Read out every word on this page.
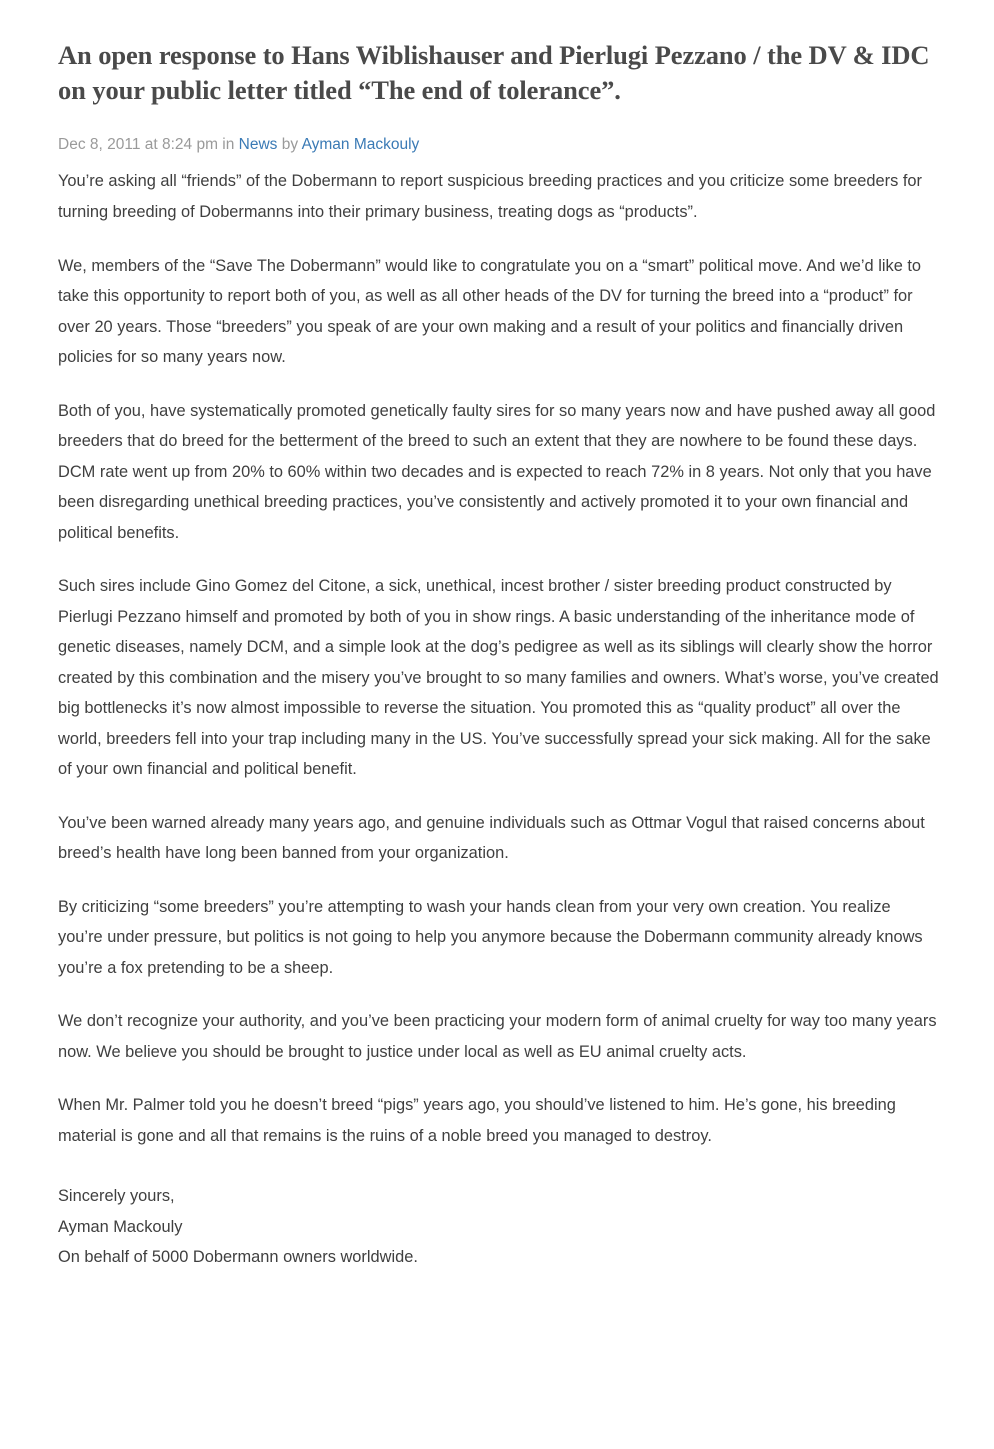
An open response to Hans Wiblishauser and Pierlugi Pezzano / the DV & IDC on your public letter titled “The end of tolerance”.
Dec 8, 2011 at 8:24 pm in News by Ayman Mackouly

You’re asking all “friends” of the Dobermann to report suspicious breeding practices and you criticize some breeders for turning breeding of Dobermanns into their primary business, treating dogs as “products”.

We, members of the “Save The Dobermann” would like to congratulate you on a “smart” political move. And we’d like to take this opportunity to report both of you, as well as all other heads of the DV for turning the breed into a “product” for over 20 years. Those “breeders” you speak of are your own making and a result of your politics and financially driven policies for so many years now.

Both of you, have systematically promoted genetically faulty sires for so many years now and have pushed away all good breeders that do breed for the betterment of the breed to such an extent that they are nowhere to be found these days. DCM rate went up from 20% to 60% within two decades and is expected to reach 72% in 8 years. Not only that you have been disregarding unethical breeding practices, you’ve consistently and actively promoted it to your own financial and political benefits.

Such sires include Gino Gomez del Citone, a sick, unethical, incest brother / sister breeding product constructed by Pierlugi Pezzano himself and promoted by both of you in show rings. A basic understanding of the inheritance mode of genetic diseases, namely DCM, and a simple look at the dog’s pedigree as well as its siblings will clearly show the horror created by this combination and the misery you’ve brought to so many families and owners. What’s worse, you’ve created big bottlenecks it’s now almost impossible to reverse the situation. You promoted this as “quality product” all over the world, breeders fell into your trap including many in the US. You’ve successfully spread your sick making. All for the sake of your own financial and political benefit.

You’ve been warned already many years ago, and genuine individuals such as Ottmar Vogul that raised concerns about breed’s health have long been banned from your organization.

By criticizing “some breeders” you’re attempting to wash your hands clean from your very own creation. You realize you’re under pressure, but politics is not going to help you anymore because the Dobermann community already knows you’re a fox pretending to be a sheep.

We don’t recognize your authority, and you’ve been practicing your modern form of animal cruelty for way too many years now. We believe you should be brought to justice under local as well as EU animal cruelty acts.

When Mr. Palmer told you he doesn’t breed “pigs” years ago, you should’ve listened to him. He’s gone, his breeding material is gone and all that remains is the ruins of a noble breed you managed to destroy.

Sincerely yours,
Ayman Mackouly
On behalf of 5000 Dobermann owners worldwide.
